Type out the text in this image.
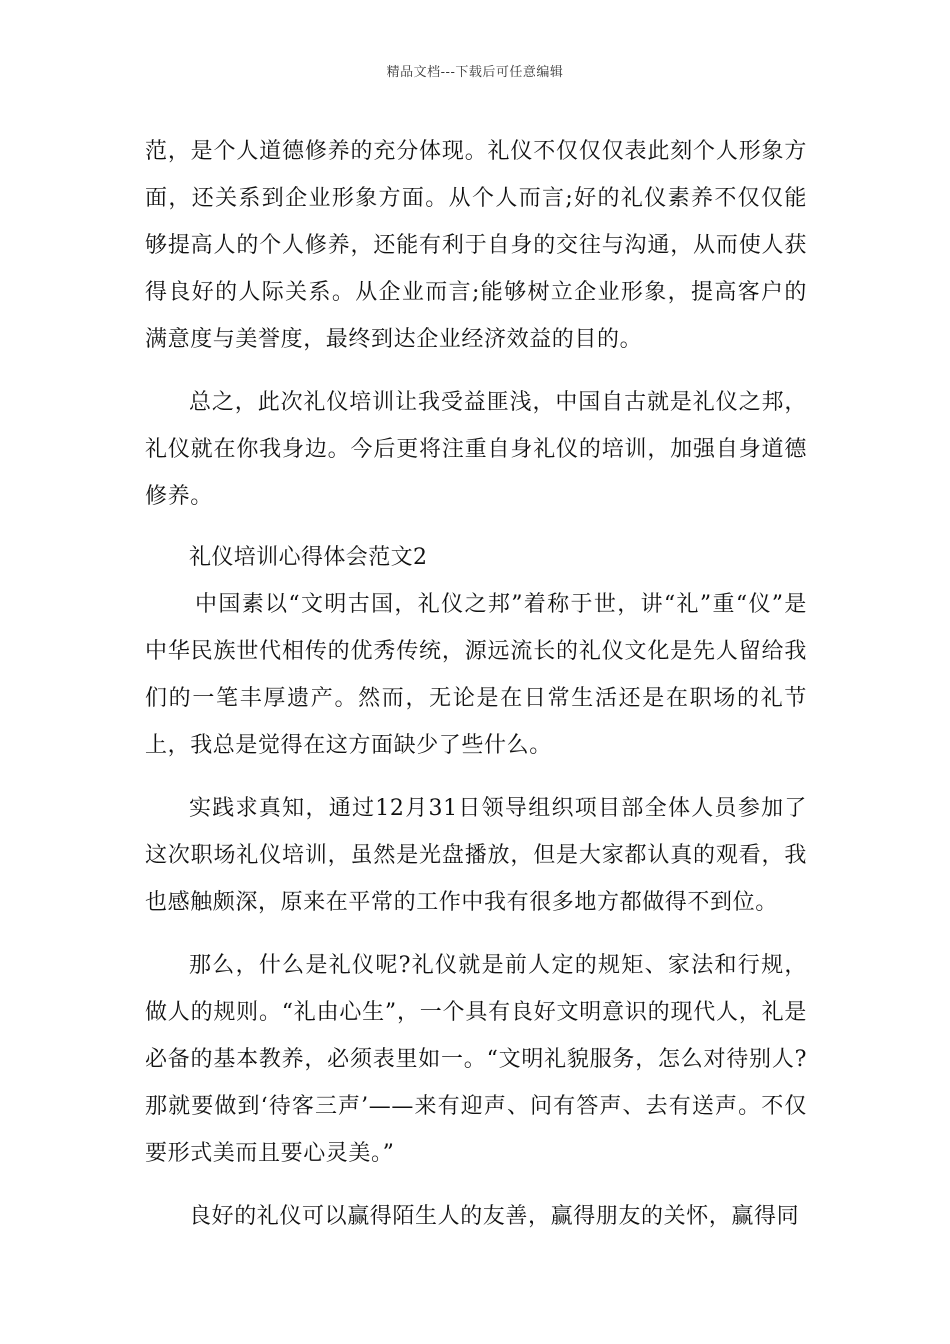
精品文档---下载后可任意编辑

范，是个人道德修养的充分体现。礼仪不仅仅仅表此刻个人形象方面，还关系到企业形象方面。从个人而言;好的礼仪素养不仅仅能够提高人的个人修养，还能有利于自身的交往与沟通，从而使人获得良好的人际关系。从企业而言;能够树立企业形象，提高客户的满意度与美誉度，最终到达企业经济效益的目的。

总之，此次礼仪培训让我受益匪浅，中国自古就是礼仪之邦，礼仪就在你我身边。今后更将注重自身礼仪的培训，加强自身道德修养。

礼仪培训心得体会范文2

中国素以“文明古国，礼仪之邦”着称于世，讲“礼”重“仪”是中华民族世代相传的优秀传统，源远流长的礼仪文化是先人留给我们的一笔丰厚遗产。然而，无论是在日常生活还是在职场的礼节上，我总是觉得在这方面缺少了些什么。

实践求真知，通过12月31日领导组织项目部全体人员参加了这次职场礼仪培训，虽然是光盘播放，但是大家都认真的观看，我也感触颇深，原来在平常的工作中我有很多地方都做得不到位。

那么，什么是礼仪呢?礼仪就是前人定的规矩、家法和行规，做人的规则。“礼由心生”，一个具有良好文明意识的现代人，礼是必备的基本教养，必须表里如一。“文明礼貌服务，怎么对待别人?那就要做到‘待客三声’——来有迎声、问有答声、去有送声。不仅要形式美而且要心灵美。”

良好的礼仪可以赢得陌生人的友善，赢得朋友的关怀，赢得同
